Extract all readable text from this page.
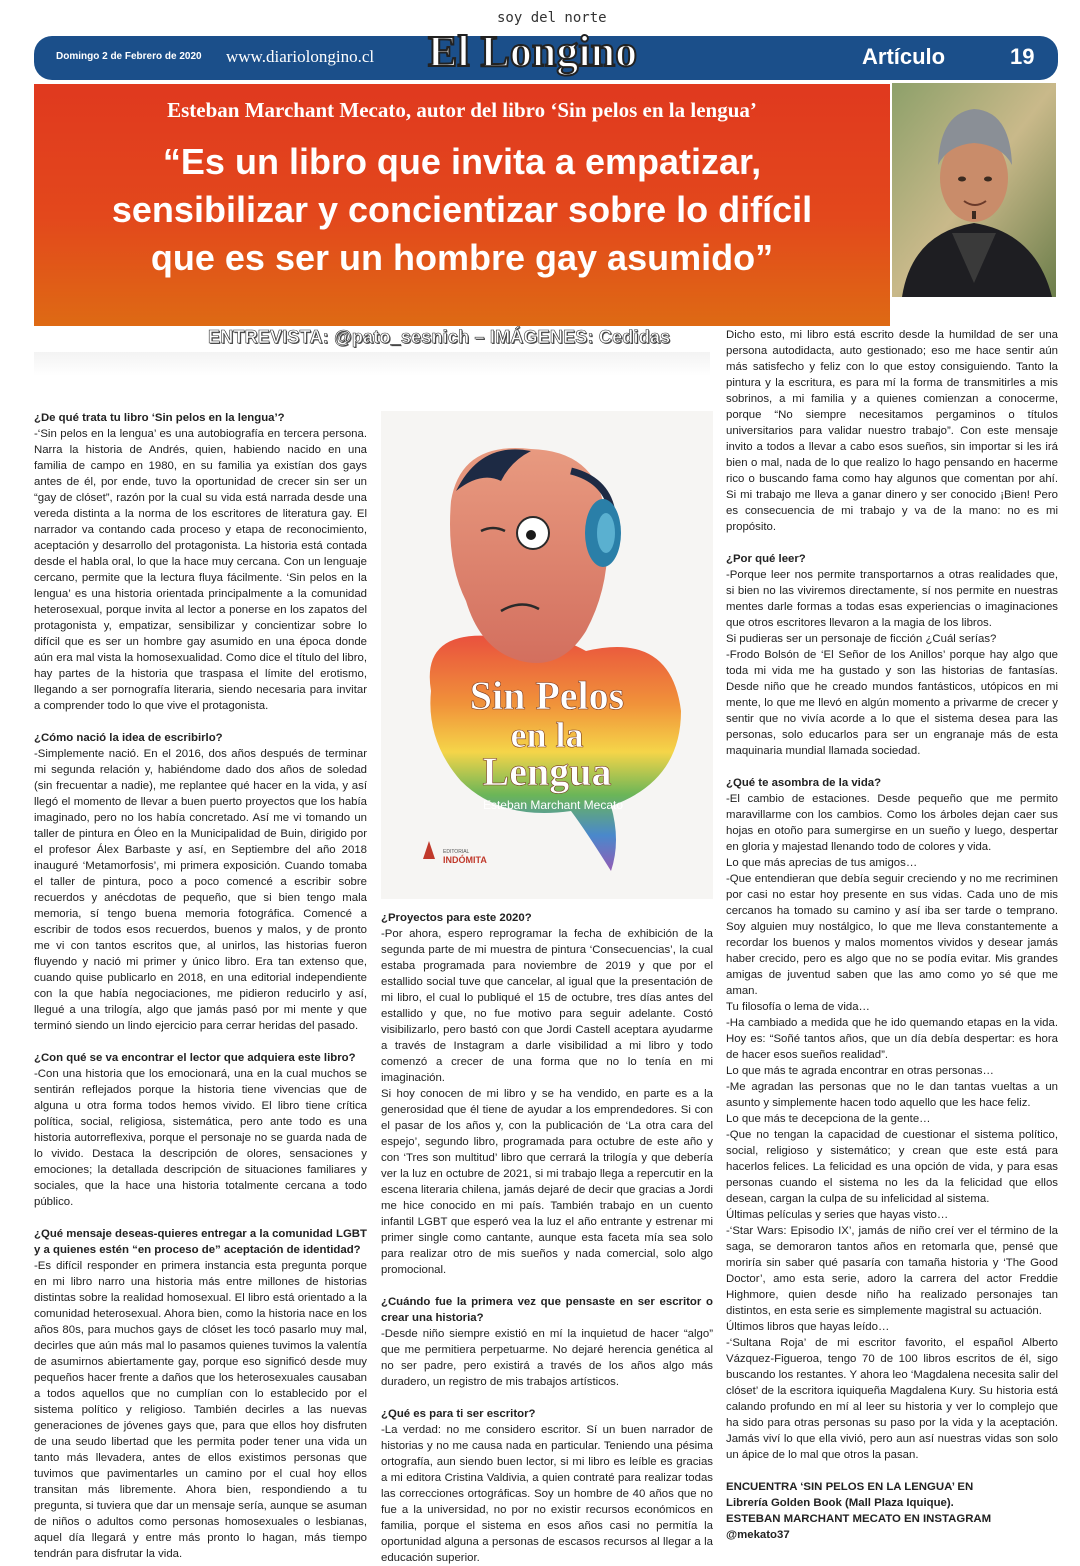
soy del norte
Domingo 2 de Febrero de 2020 www.diariolongino.cl	Artículo	19
El Longino
Esteban Marchant Mecato, autor del libro ‘Sin pelos en la lengua’
“Es un libro que invita a empatizar,
sensibilizar y concientizar sobre lo difícil
que es ser un hombre gay asumido”
ENTREVISTA: @pato_sesnich – IMÁGENES: Cedidas
¿De qué trata tu libro ‘Sin pelos en la lengua’?

-‘Sin pelos en la lengua’ es una autobiografía en tercera persona. Narra la historia de Andrés, quien, habiendo nacido en una familia de campo en 1980, en su familia ya existían dos gays antes de él, por ende, tuvo la oportunidad de crecer sin ser un “gay de clóset”, razón por la cual su vida está narrada desde una vereda distinta a la norma de los escritores de literatura gay. El narrador va contando cada proceso y etapa de reconocimiento, aceptación y desarrollo del protagonista. La historia está contada desde el habla oral, lo que la hace muy cercana. Con un lenguaje cercano, permite que la lectura fluya fácilmente. ‘Sin pelos en la lengua’ es una historia orientada principalmente a la comunidad heterosexual, porque invita al lector a ponerse en los zapatos del protagonista y, empatizar, sensibilizar y concientizar sobre lo difícil que es ser un hombre gay asumido en una época donde aún era mal vista la homosexualidad. Como dice el título del libro, hay partes de la historia que traspasa el límite del erotismo, llegando a ser pornografía literaria, siendo necesaria para invitar a comprender todo lo que vive el protagonista.

¿Cómo nació la idea de escribirlo?

-Simplemente nació. En el 2016, dos años después de terminar mi segunda relación y, habiéndome dado dos años de soledad (sin frecuentar a nadie), me replantee qué hacer en la vida, y así llegó el momento de llevar a buen puerto proyectos que los había imaginado, pero no los había concretado. Así me vi tomando un taller de pintura en Óleo en la Municipalidad de Buin, dirigido por el profesor Álex Barbaste y así, en Septiembre del año 2018 inauguré ‘Metamorfosis’, mi primera exposición. Cuando tomaba el taller de pintura, poco a poco comencé a escribir sobre recuerdos y anécdotas de pequeño, que si bien tengo mala memoria, sí tengo buena memoria fotográfica. Comencé a escribir de todos esos recuerdos, buenos y malos, y de pronto me vi con tantos escritos que, al unirlos, las historias fueron fluyendo y nació mi primer y único libro. Era tan extenso que, cuando quise publicarlo en 2018, en una editorial independiente con la que había negociaciones, me pidieron reducirlo y así, llegué a una trilogía, algo que jamás pasó por mi mente y que terminó siendo un lindo ejercicio para cerrar heridas del pasado.

¿Con qué se va encontrar el lector que adquiera este libro?

-Con una historia que los emocionará, una en la cual muchos se sentirán reflejados porque la historia tiene vivencias que de alguna u otra forma todos hemos vivido. El libro tiene crítica política, social, religiosa, sistemática, pero ante todo es una historia autorreflexiva, porque el personaje no se guarda nada de lo vivido. Destaca la descripción de olores, sensaciones y emociones; la detallada descripción de situaciones familiares y sociales, que la hace una historia totalmente cercana a todo público.

¿Qué mensaje deseas-quieres entregar a la comunidad LGBT y a quienes estén “en proceso de” aceptación de identidad?

-Es difícil responder en primera instancia esta pregunta porque en mi libro narro una historia más entre millones de historias distintas sobre la realidad homosexual. El libro está orientado a la comunidad heterosexual. Ahora bien, como la historia nace en los años 80s, para muchos gays de clóset les tocó pasarlo muy mal, decirles que aún más mal lo pasamos quienes tuvimos la valentía de asumirnos abiertamente gay, porque eso significó desde muy pequeños hacer frente a daños que los heterosexuales causaban a todos aquellos que no cumplían con lo establecido por el sistema político y religioso. También decirles a las nuevas generaciones de jóvenes gays que, para que ellos hoy disfruten de una seudo libertad que les permita poder tener una vida un tanto más llevadera, antes de ellos existimos personas que tuvimos que pavimentarles un camino por el cual hoy ellos transitan más libremente. Ahora bien, respondiendo a tu pregunta, si tuviera que dar un mensaje sería, aunque se asuman de niños o adultos como personas homosexuales o lesbianas, aquel día llegará y entre más pronto lo hagan, más tiempo tendrán para disfrutar la vida.

Sin Pelos
en la
Lengua
Esteban Marchant Mecato
EDITORIAL
INDÓMITA
¿Proyectos para este 2020?

-Por ahora, espero reprogramar la fecha de exhibición de la segunda parte de mi muestra de pintura ‘Consecuencias’, la cual estaba programada para noviembre de 2019 y que por el estallido social tuve que cancelar, al igual que la presentación de mi libro, el cual lo publiqué el 15 de octubre, tres días antes del estallido y que, no fue motivo para seguir adelante. Costó visibilizarlo, pero bastó con que Jordi Castell aceptara ayudarme a través de Instagram a darle visibilidad a mi libro y todo comenzó a crecer de una forma que no lo tenía en mi imaginación.

Si hoy conocen de mi libro y se ha vendido, en parte es a la generosidad que él tiene de ayudar a los emprendedores. Si con el pasar de los años y, con la publicación de ‘La otra cara del espejo’, segundo libro, programada para octubre de este año y con ‘Tres son multitud’ libro que cerrará la trilogía y que debería ver la luz en octubre de 2021, si mi trabajo llega a repercutir en la escena literaria chilena, jamás dejaré de decir que gracias a Jordi me hice conocido en mi país. También trabajo en un cuento infantil LGBT que esperó vea la luz el año entrante y estrenar mi primer single como cantante, aunque esta faceta mía sea solo para realizar otro de mis sueños y nada comercial, solo algo promocional.

¿Cuándo fue la primera vez que pensaste en ser escritor o crear una historia?

-Desde niño siempre existió en mí la inquietud de hacer “algo” que me permitiera perpetuarme. No dejaré herencia genética al no ser padre, pero existirá a través de los años algo más duradero, un registro de mis trabajos artísticos.

¿Qué es para ti ser escritor?

-La verdad: no me considero escritor. Sí un buen narrador de historias y no me causa nada en particular. Teniendo una pésima ortografía, aun siendo buen lector, si mi libro es leíble es gracias a mi editora Cristina Valdivia, a quien contraté para realizar todas las correcciones ortográficas. Soy un hombre de 40 años que no fue a la universidad, no por no existir recursos económicos en familia, porque el sistema en esos años casi no permitía la oportunidad alguna a personas de escasos recursos al llegar a la educación superior.

Dicho esto, mi libro está escrito desde la humildad de ser una persona autodidacta, auto gestionado; eso me hace sentir aún más satisfecho y feliz con lo que estoy consiguiendo. Tanto la pintura y la escritura, es para mí la forma de transmitirles a mis sobrinos, a mi familia y a quienes comienzan a conocerme, porque “No siempre necesitamos pergaminos o títulos universitarios para validar nuestro trabajo”. Con este mensaje invito a todos a llevar a cabo esos sueños, sin importar si les irá bien o mal, nada de lo que realizo lo hago pensando en hacerme rico o buscando fama como hay algunos que comentan por ahí. Si mi trabajo me lleva a ganar dinero y ser conocido ¡Bien! Pero es consecuencia de mi trabajo y va de la mano: no es mi propósito.

¿Por qué leer?

-Porque leer nos permite transportarnos a otras realidades que, si bien no las viviremos directamente, sí nos permite en nuestras mentes darle formas a todas esas experiencias o imaginaciones que otros escritores llevaron a la magia de los libros.

Si pudieras ser un personaje de ficción ¿Cuál serías?

-Frodo Bolsón de ‘El Señor de los Anillos’ porque hay algo que toda mi vida me ha gustado y son las historias de fantasías. Desde niño que he creado mundos fantásticos, utópicos en mi mente, lo que me llevó en algún momento a privarme de crecer y sentir que no vivía acorde a lo que el sistema desea para las personas, solo educarlos para ser un engranaje más de esta maquinaria mundial llamada sociedad.

¿Qué te asombra de la vida?

-El cambio de estaciones. Desde pequeño que me permito maravillarme con los cambios. Como los árboles dejan caer sus hojas en otoño para sumergirse en un sueño y luego, despertar en gloria y majestad llenando todo de colores y vida.

Lo que más aprecias de tus amigos…

-Que entendieran que debía seguir creciendo y no me recriminen por casi no estar hoy presente en sus vidas. Cada uno de mis cercanos ha tomado su camino y así iba ser tarde o temprano. Soy alguien muy nostálgico, lo que me lleva constantemente a recordar los buenos y malos momentos vividos y desear jamás haber crecido, pero es algo que no se podía evitar. Mis grandes amigas de juventud saben que las amo como yo sé que me aman.

Tu filosofía o lema de vida…

-Ha cambiado a medida que he ido quemando etapas en la vida. Hoy es: “Soñé tantos años, que un día debía despertar: es hora de hacer esos sueños realidad”.

Lo que más te agrada encontrar en otras personas…

-Me agradan las personas que no le dan tantas vueltas a un asunto y simplemente hacen todo aquello que les hace feliz.

Lo que más te decepciona de la gente…

-Que no tengan la capacidad de cuestionar el sistema político, social, religioso y sistemático; y crean que este está para hacerlos felices. La felicidad es una opción de vida, y para esas personas cuando el sistema no les da la felicidad que ellos desean, cargan la culpa de su infelicidad al sistema.

Últimas películas y series que hayas visto…

-‘Star Wars: Episodio IX’, jamás de niño creí ver el término de la saga, se demoraron tantos años en retomarla que, pensé que moriría sin saber qué pasaría con tamaña historia y ‘The Good Doctor’, amo esta serie, adoro la carrera del actor Freddie Highmore, quien desde niño ha realizado personajes tan distintos, en esta serie es simplemente magistral su actuación.

Últimos libros que hayas leído…

-‘Sultana Roja’ de mi escritor favorito, el español Alberto Vázquez-Figueroa, tengo 70 de 100 libros escritos de él, sigo buscando los restantes. Y ahora leo ‘Magdalena necesita salir del clóset’ de la escritora iquiqueña Magdalena Kury. Su historia está calando profundo en mí al leer su historia y ver lo complejo que ha sido para otras personas su paso por la vida y la aceptación. Jamás viví lo que ella vivió, pero aun así nuestras vidas son solo un ápice de lo mal que otros la pasan.

ENCUENTRA ‘SIN PELOS EN LA LENGUA’ EN

Librería Golden Book (Mall Plaza Iquique).

ESTEBAN MARCHANT MECATO EN INSTAGRAM

@mekato37
